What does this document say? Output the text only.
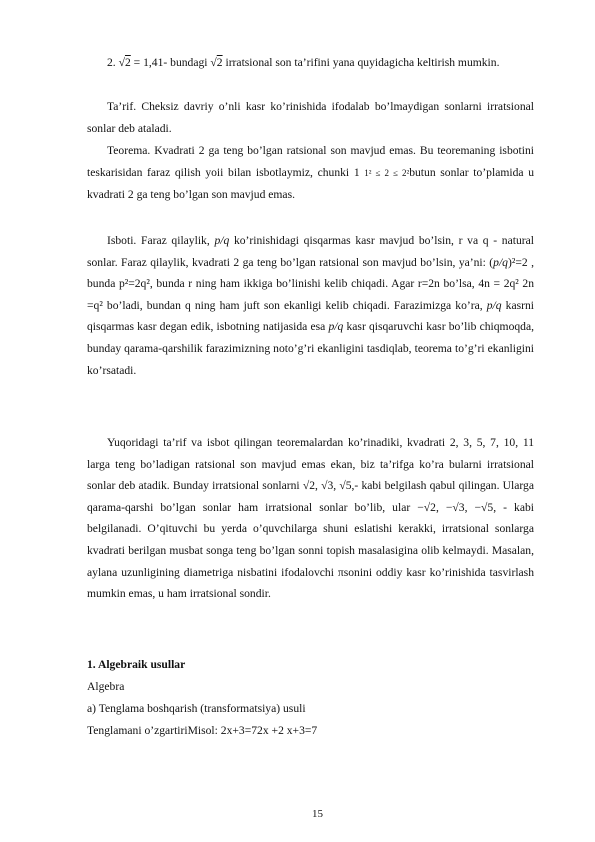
2. √2 = 1,41- bundagi √2 irratsional son ta’rifini yana quyidagicha keltirish mumkin.

Ta’rif. Cheksiz davriy o’nli kasr ko’rinishida ifodalab bo’lmaydigan sonlarni irratsional sonlar deb ataladi.

Teorema. Kvadrati 2 ga teng bo’lgan ratsional son mavjud emas. Bu teoremaning isbotini teskarisidan faraz qilish yoii bilan isbotlaymiz, chunki 1 1² ≤ 2 ≤ 2²butun sonlar to’plamida u kvadrati 2 ga teng bo’lgan son mavjud emas.

Isboti. Faraz qilaylik, p/q ko’rinishidagi qisqarmas kasr mavjud bo’lsin, r va q - natural sonlar. Faraz qilaylik, kvadrati 2 ga teng bo’lgan ratsional son mavjud bo’lsin, ya’ni: (p/q)²=2 , bunda p²=2q², bunda r ning ham ikkiga bo’linishi kelib chiqadi. Agar r=2n bo’lsa, 4n = 2q² 2n =q² bo’ladi, bundan q ning ham juft son ekanligi kelib chiqadi. Farazimizga ko’ra, p/q kasrni qisqarmas kasr degan edik, isbotning natijasida esa p/q kasr qisqaruvchi kasr bo’lib chiqmoqda, bunday qarama-qarshilik farazimizning noto’g’ri ekanligini tasdiqlab, teorema to’g’ri ekanligini ko’rsatadi.

Yuqoridagi ta’rif va isbot qilingan teoremalardan ko’rinadiki, kvadrati 2, 3, 5, 7, 10, 11 larga teng bo’ladigan ratsional son mavjud emas ekan, biz ta’rifga ko’ra bularni irratsional sonlar deb atadik. Bunday irratsional sonlarni √2, √3, √5,- kabi belgilash qabul qilingan. Ularga qarama-qarshi bo’lgan sonlar ham irratsional sonlar bo’lib, ular −√2, −√3, −√5, - kabi belgilanadi. O’qituvchi bu yerda o’quvchilarga shuni eslatishi kerakki, irratsional sonlarga kvadrati berilgan musbat songa teng bo’lgan sonni topish masalasigina olib kelmaydi. Masalan, aylana uzunligining diametriga nisbatini ifodalovchi πsonini oddiy kasr ko’rinishida tasvirlash mumkin emas, u ham irratsional sondir.

1. Algebraik usullar
Algebra
a) Tenglama boshqarish (transformatsiya) usuli
Tenglamani o’zgartiriMisol: 2x+3=72x +2 x+3=7
15
